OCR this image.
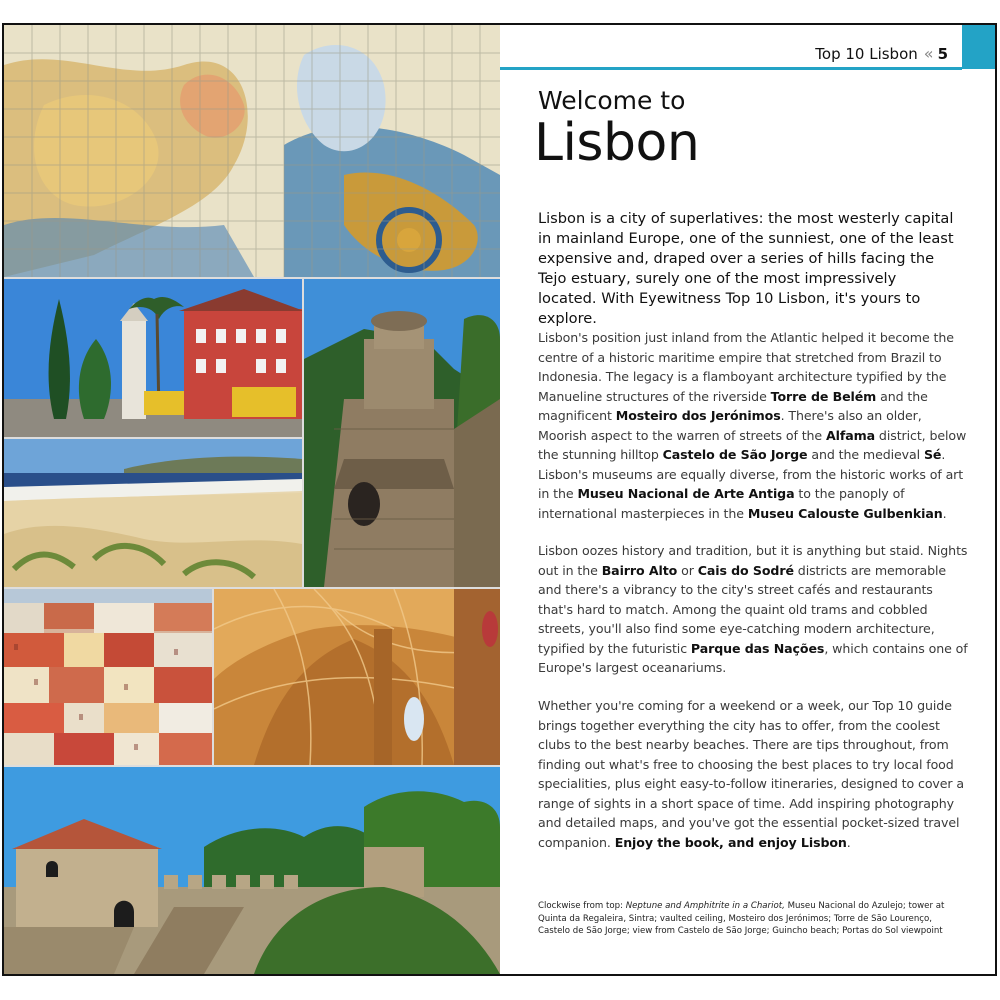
Top 10 Lisbon « 5
Welcome to
Lisbon
Lisbon is a city of superlatives: the most westerly capital in mainland Europe, one of the sunniest, one of the least expensive and, draped over a series of hills facing the Tejo estuary, surely one of the most impressively located. With Eyewitness Top 10 Lisbon, it's yours to explore.
Lisbon's position just inland from the Atlantic helped it become the centre of a historic maritime empire that stretched from Brazil to Indonesia. The legacy is a flamboyant architecture typified by the Manueline structures of the riverside Torre de Belém and the magnificent Mosteiro dos Jerónimos. There's also an older, Moorish aspect to the warren of streets of the Alfama district, below the stunning hilltop Castelo de São Jorge and the medieval Sé. Lisbon's museums are equally diverse, from the historic works of art in the Museu Nacional de Arte Antiga to the panoply of international masterpieces in the Museu Calouste Gulbenkian.
Lisbon oozes history and tradition, but it is anything but staid. Nights out in the Bairro Alto or Cais do Sodré districts are memorable and there's a vibrancy to the city's street cafés and restaurants that's hard to match. Among the quaint old trams and cobbled streets, you'll also find some eye-catching modern architecture, typified by the futuristic Parque das Nações, which contains one of Europe's largest oceanariums.
Whether you're coming for a weekend or a week, our Top 10 guide brings together everything the city has to offer, from the coolest clubs to the best nearby beaches. There are tips throughout, from finding out what's free to choosing the best places to try local food specialities, plus eight easy-to-follow itineraries, designed to cover a range of sights in a short space of time. Add inspiring photography and detailed maps, and you've got the essential pocket-sized travel companion. Enjoy the book, and enjoy Lisbon.
Clockwise from top: Neptune and Amphitrite in a Chariot, Museu Nacional do Azulejo; tower at Quinta da Regaleira, Sintra; vaulted ceiling, Mosteiro dos Jerónimos; Torre de São Lourenço, Castelo de São Jorge; view from Castelo de São Jorge; Guincho beach; Portas do Sol viewpoint
